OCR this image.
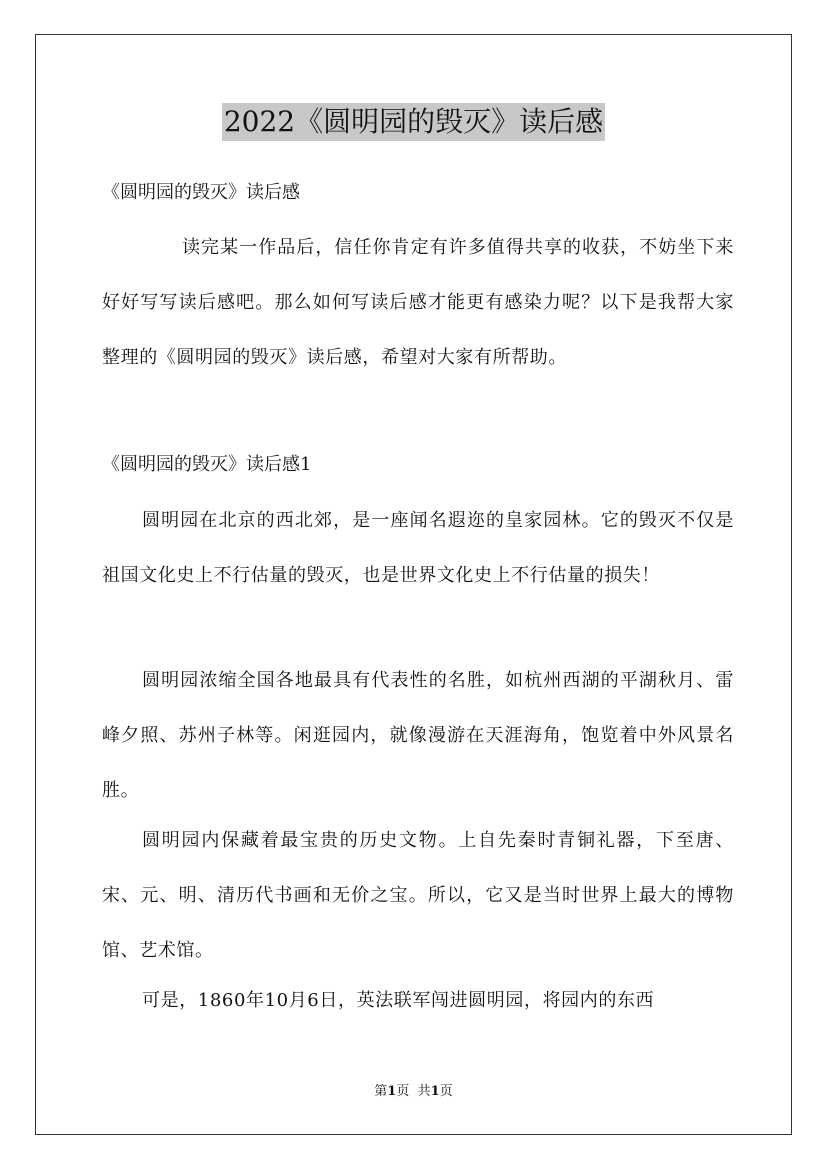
2022《圆明园的毁灭》读后感
《圆明园的毁灭》读后感
读完某一作品后，信任你肯定有许多值得共享的收获，不妨坐下来好好写写读后感吧。那么如何写读后感才能更有感染力呢？以下是我帮大家整理的《圆明园的毁灭》读后感，希望对大家有所帮助。
《圆明园的毁灭》读后感1
圆明园在北京的西北郊，是一座闻名遐迩的皇家园林。它的毁灭不仅是祖国文化史上不行估量的毁灭，也是世界文化史上不行估量的损失！
圆明园浓缩全国各地最具有代表性的名胜，如杭州西湖的平湖秋月、雷峰夕照、苏州子林等。闲逛园内，就像漫游在天涯海角，饱览着中外风景名胜。
圆明园内保藏着最宝贵的历史文物。上自先秦时青铜礼器，下至唐、宋、元、明、清历代书画和无价之宝。所以，它又是当时世界上最大的博物馆、艺术馆。
可是，1860年10月6日，英法联军闯进圆明园，将园内的东西
第1页 共1页
